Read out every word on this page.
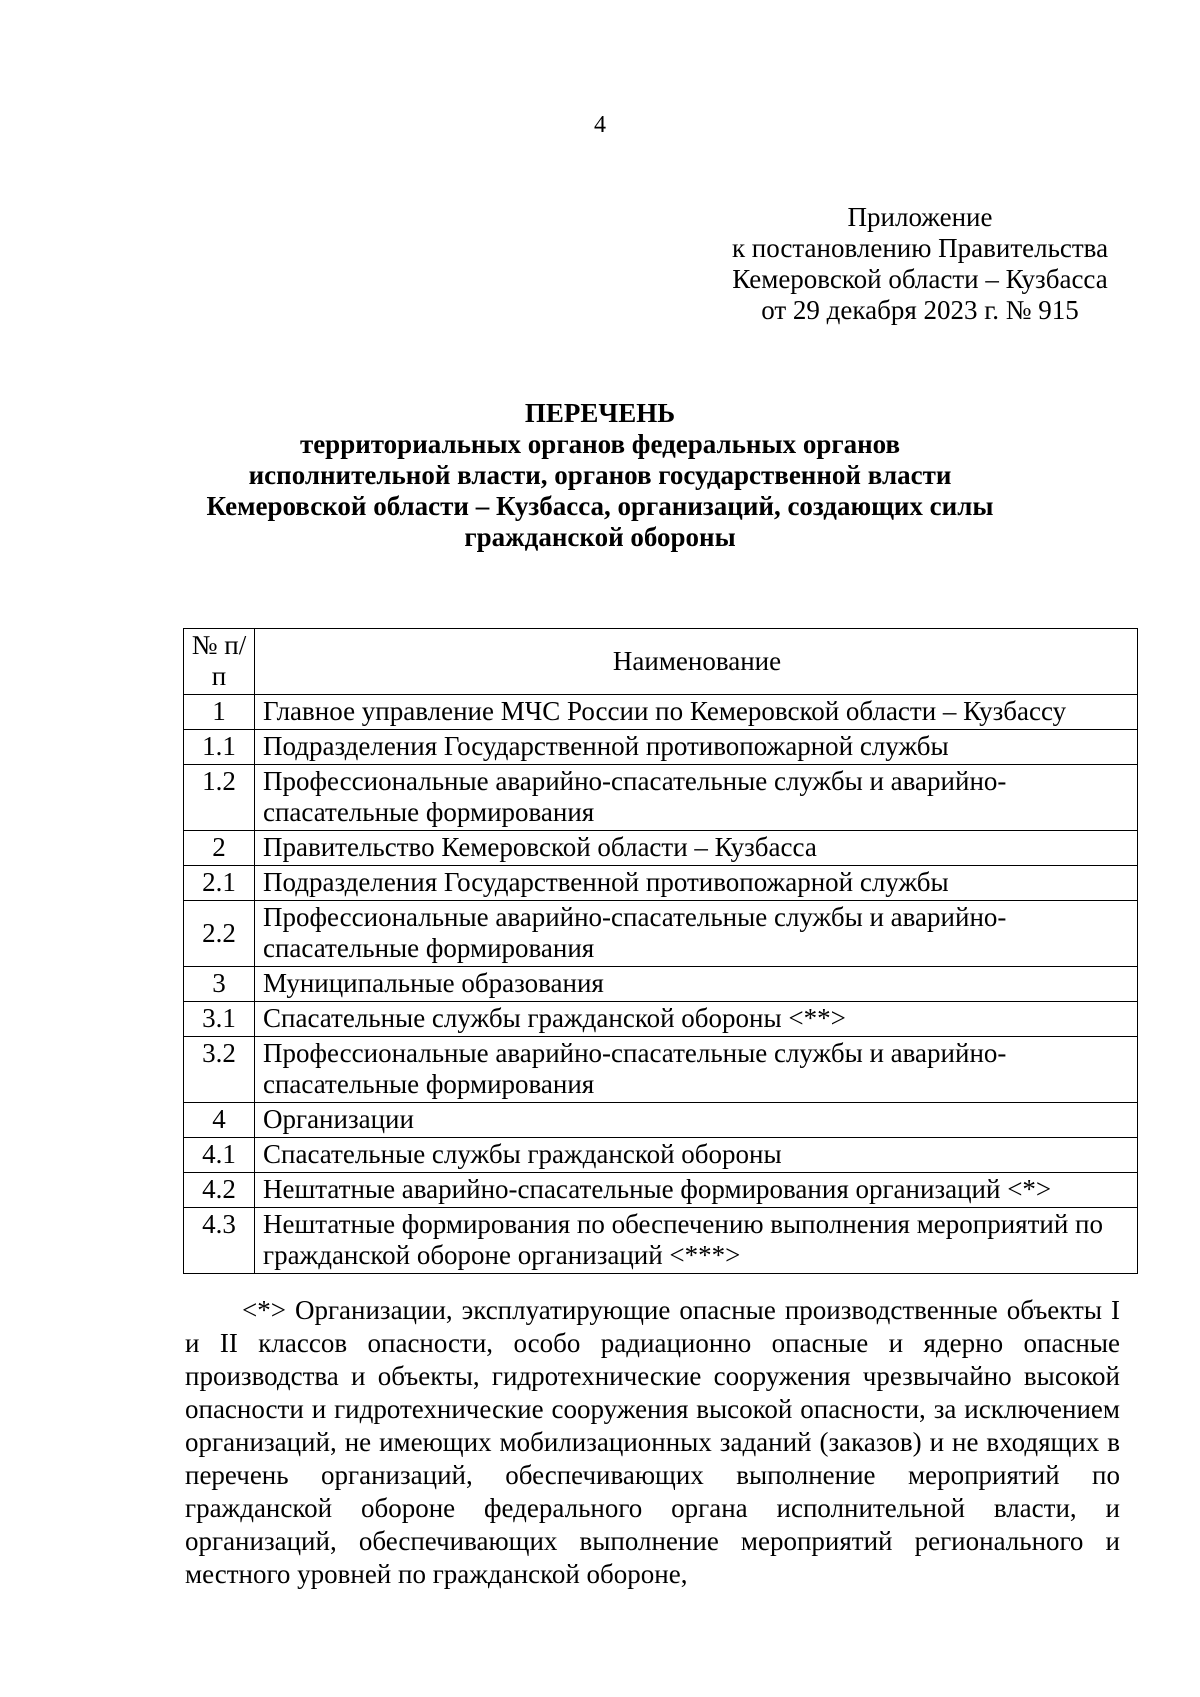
4
Приложение
к постановлению Правительства
Кемеровской области – Кузбасса
от 29 декабря 2023 г. № 915
ПЕРЕЧЕНЬ
территориальных органов федеральных органов
исполнительной власти, органов государственной власти
Кемеровской области – Кузбасса, организаций, создающих силы
гражданской обороны
№ п/п	Наименование
1	Главное управление МЧС России по Кемеровской области – Кузбассу
1.1	Подразделения Государственной противопожарной службы
1.2	Профессиональные аварийно-спасательные службы и аварийно-спасательные формирования
2	Правительство Кемеровской области – Кузбасса
2.1	Подразделения Государственной противопожарной службы
2.2	Профессиональные аварийно-спасательные службы и аварийно-спасательные формирования
3	Муниципальные образования
3.1	Спасательные службы гражданской обороны <**>
3.2	Профессиональные аварийно-спасательные службы и аварийно-спасательные формирования
4	Организации
4.1	Спасательные службы гражданской обороны
4.2	Нештатные аварийно-спасательные формирования организаций <*>
4.3	Нештатные формирования по обеспечению выполнения мероприятий по гражданской обороне организаций <***>
<*> Организации, эксплуатирующие опасные производственные объекты I и II классов опасности, особо радиационно опасные и ядерно опасные производства и объекты, гидротехнические сооружения чрезвычайно высокой опасности и гидротехнические сооружения высокой опасности, за исключением организаций, не имеющих мобилизационных заданий (заказов) и не входящих в перечень организаций, обеспечивающих выполнение мероприятий по гражданской обороне федерального органа исполнительной власти, и организаций, обеспечивающих выполнение мероприятий регионального и местного уровней по гражданской обороне,
